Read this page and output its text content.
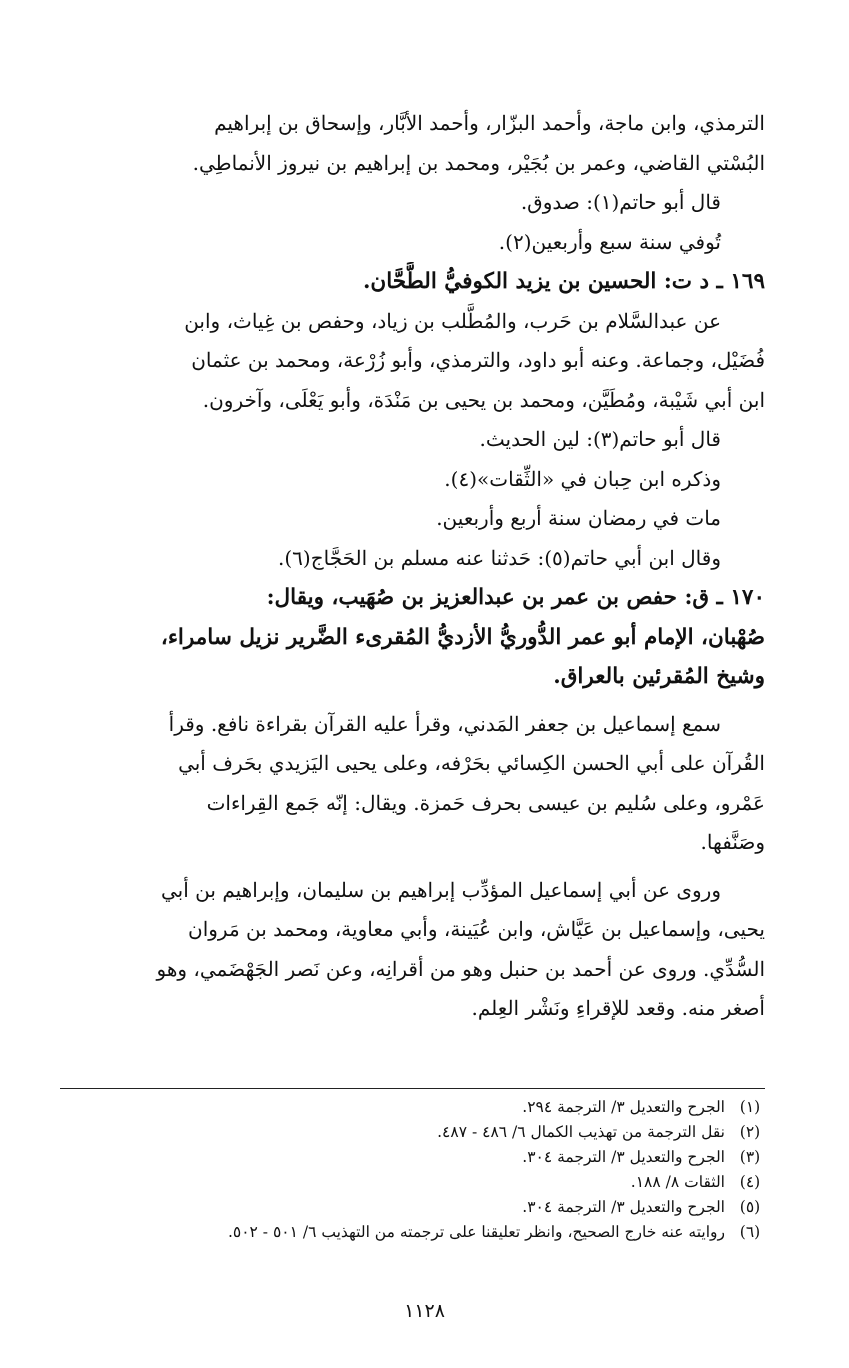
الترمذي، وابن ماجة، وأحمد البزّار، وأحمد الأبَّار، وإسحاق بن إبراهيم
البُسْتي القاضي، وعمر بن بُجَيْر، ومحمد بن إبراهيم بن نيروز الأنماطِي.
قال أبو حاتم(١): صدوق.
تُوفي سنة سبع وأربعين(٢).
١٦٩ ـ د ت: الحسين بن يزيد الكوفيُّ الطَّحَّان.
عن عبدالسَّلام بن حَرب، والمُطَّلب بن زياد، وحفص بن غِياث، وابن
فُضَيْل، وجماعة. وعنه أبو داود، والترمذي، وأبو زُرْعة، ومحمد بن عثمان
ابن أبي شَيْبة، ومُطَيَّن، ومحمد بن يحيى بن مَنْدَة، وأبو يَعْلَى، وآخرون.
قال أبو حاتم(٣): لين الحديث.
وذكره ابن حِبان في «الثِّقات»(٤).
مات في رمضان سنة أربع وأربعين.
وقال ابن أبي حاتم(٥): حَدثنا عنه مسلم بن الحَجَّاج(٦).
١٧٠ ـ ق: حفص بن عمر بن عبدالعزيز بن صُهَيب، ويقال:
صُهْبان، الإمام أبو عمر الدُّوريُّ الأزديُّ المُقرىء الضَّرير نزيل سامراء،
وشيخ المُقرئين بالعراق.
سمع إسماعيل بن جعفر المَدني، وقرأ عليه القرآن بقراءة نافع. وقرأ
القُرآن على أبي الحسن الكِسائي بحَرْفه، وعلى يحيى اليَزيدي بحَرف أبي
عَمْرو، وعلى سُليم بن عيسى بحرف حَمزة. ويقال: إنّه جَمع القِراءات
وصَنَّفها.
وروى عن أبي إسماعيل المؤدِّب إبراهيم بن سليمان، وإبراهيم بن أبي
يحيى، وإسماعيل بن عَيَّاش، وابن عُيَينة، وأبي معاوية، ومحمد بن مَروان
السُّدِّي. وروى عن أحمد بن حنبل وهو من أقرانِه، وعن نَصر الجَهْضَمي، وهو
أصغر منه. وقعد للإقراءِ ونَشْر العِلم.
(١)
الجرح والتعديل ٣/ الترجمة ٢٩٤.
(٢)
نقل الترجمة من تهذيب الكمال ٦/ ٤٨٦ - ٤٨٧.
(٣)
الجرح والتعديل ٣/ الترجمة ٣٠٤.
(٤)
الثقات ٨/ ١٨٨.
(٥)
الجرح والتعديل ٣/ الترجمة ٣٠٤.
(٦)
روايته عنه خارج الصحيح، وانظر تعليقنا على ترجمته من التهذيب ٦/ ٥٠١ - ٥٠٢.
١١٢٨
